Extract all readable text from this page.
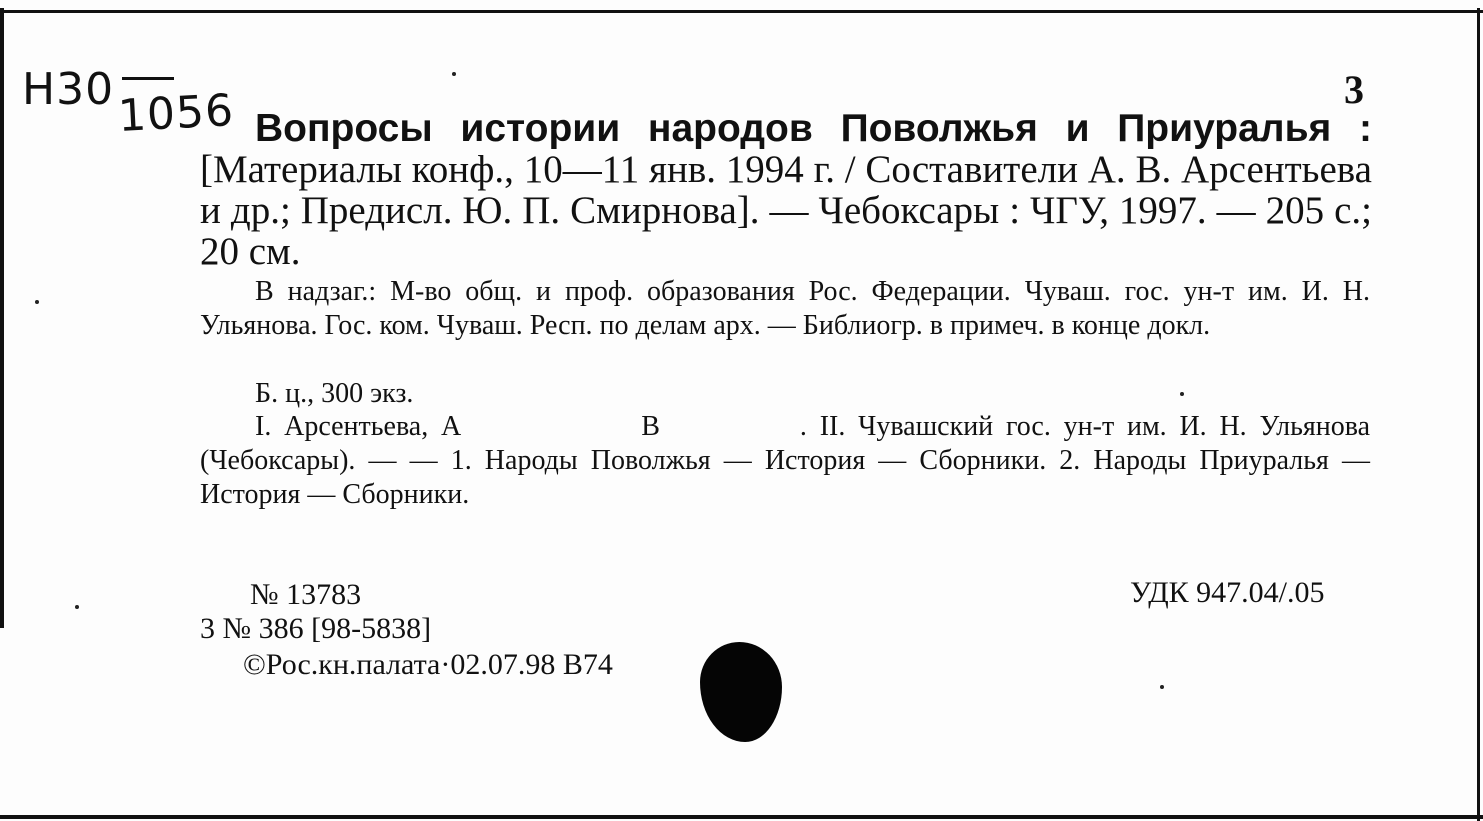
H30 1056	3
Вопросы истории народов Поволжья и Приуралья : [Материалы конф., 10—11 янв. 1994 г. / Составители А. В. Арсентьева и др.; Предисл. Ю. П. Смирнова]. — Чебоксары : ЧГУ, 1997. — 205 с.; 20 см.
В надзаг.: М-во общ. и проф. образования Рос. Федерации. Чуваш. гос. ун-т им. И. Н. Ульянова. Гос. ком. Чуваш. Респ. по делам арх. — Библиогр. в примеч. в конце докл.
Б. ц., 300 экз.
I. Арсентьева, А	В	. II. Чувашский гос. ун-т им. И. Н. Ульянова (Чебоксары). — — 1. Народы Поволжья — История — Сборники. 2. Народы Приуралья — История — Сборники.
№ 13783	УДК 947.04/.05
3 № 386 [98-5838]
©Рос.кн.палата·02.07.98 В74
